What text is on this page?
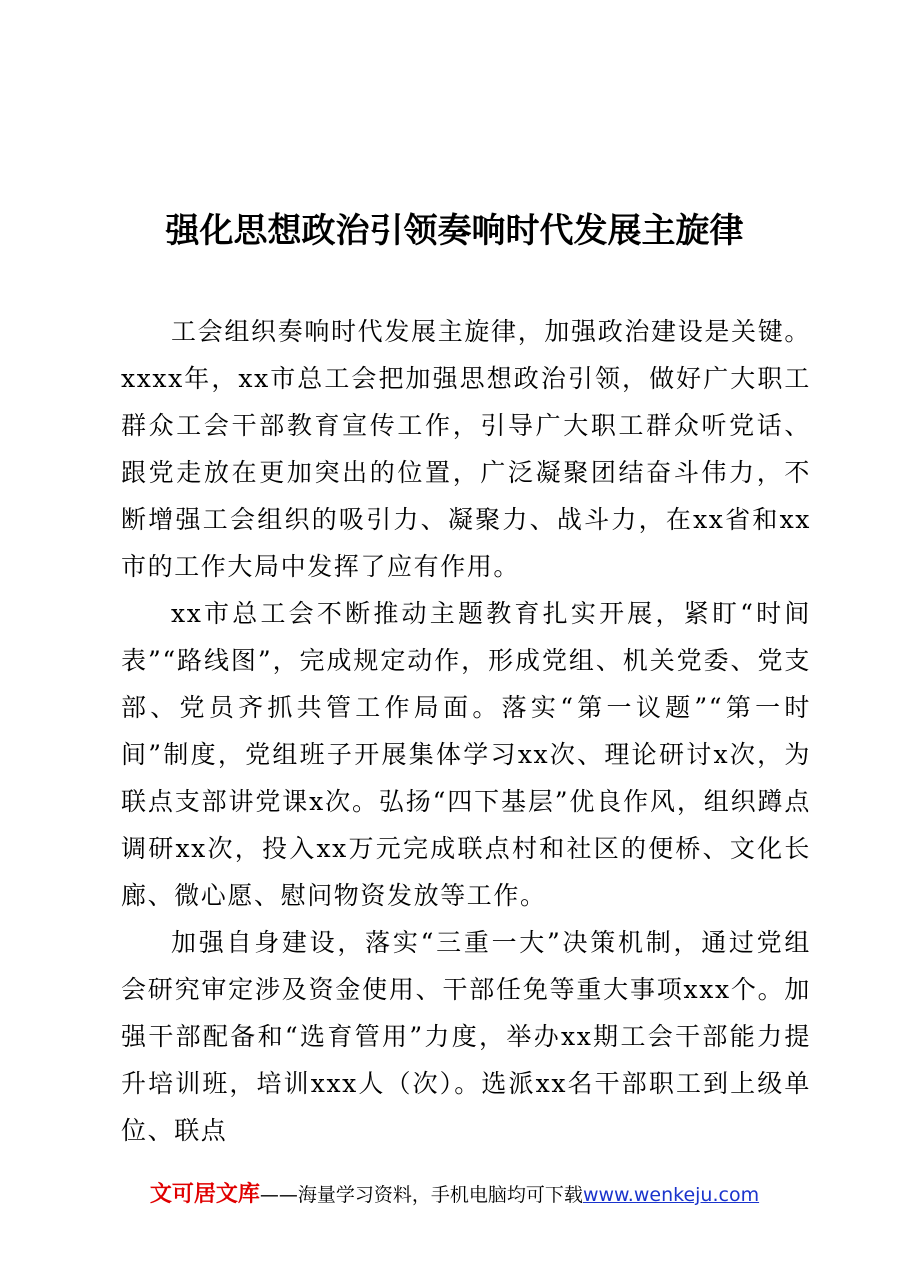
强化思想政治引领奏响时代发展主旋律

工会组织奏响时代发展主旋律，加强政治建设是关键。xxxx年，xx市总工会把加强思想政治引领，做好广大职工群众工会干部教育宣传工作，引导广大职工群众听党话、跟党走放在更加突出的位置，广泛凝聚团结奋斗伟力，不断增强工会组织的吸引力、凝聚力、战斗力，在xx省和xx市的工作大局中发挥了应有作用。

xx市总工会不断推动主题教育扎实开展，紧盯“时间表”“路线图”，完成规定动作，形成党组、机关党委、党支部、党员齐抓共管工作局面。落实“第一议题”“第一时间”制度，党组班子开展集体学习xx次、理论研讨x次，为联点支部讲党课x次。弘扬“四下基层”优良作风，组织蹲点调研xx次，投入xx万元完成联点村和社区的便桥、文化长廊、微心愿、慰问物资发放等工作。

加强自身建设，落实“三重一大”决策机制，通过党组会研究审定涉及资金使用、干部任免等重大事项xxx个。加强干部配备和“选育管用”力度，举办xx期工会干部能力提升培训班，培训xxx人（次）。选派xx名干部职工到上级单位、联点

文可居文库——海量学习资料，手机电脑均可下载www.wenkeju.com
